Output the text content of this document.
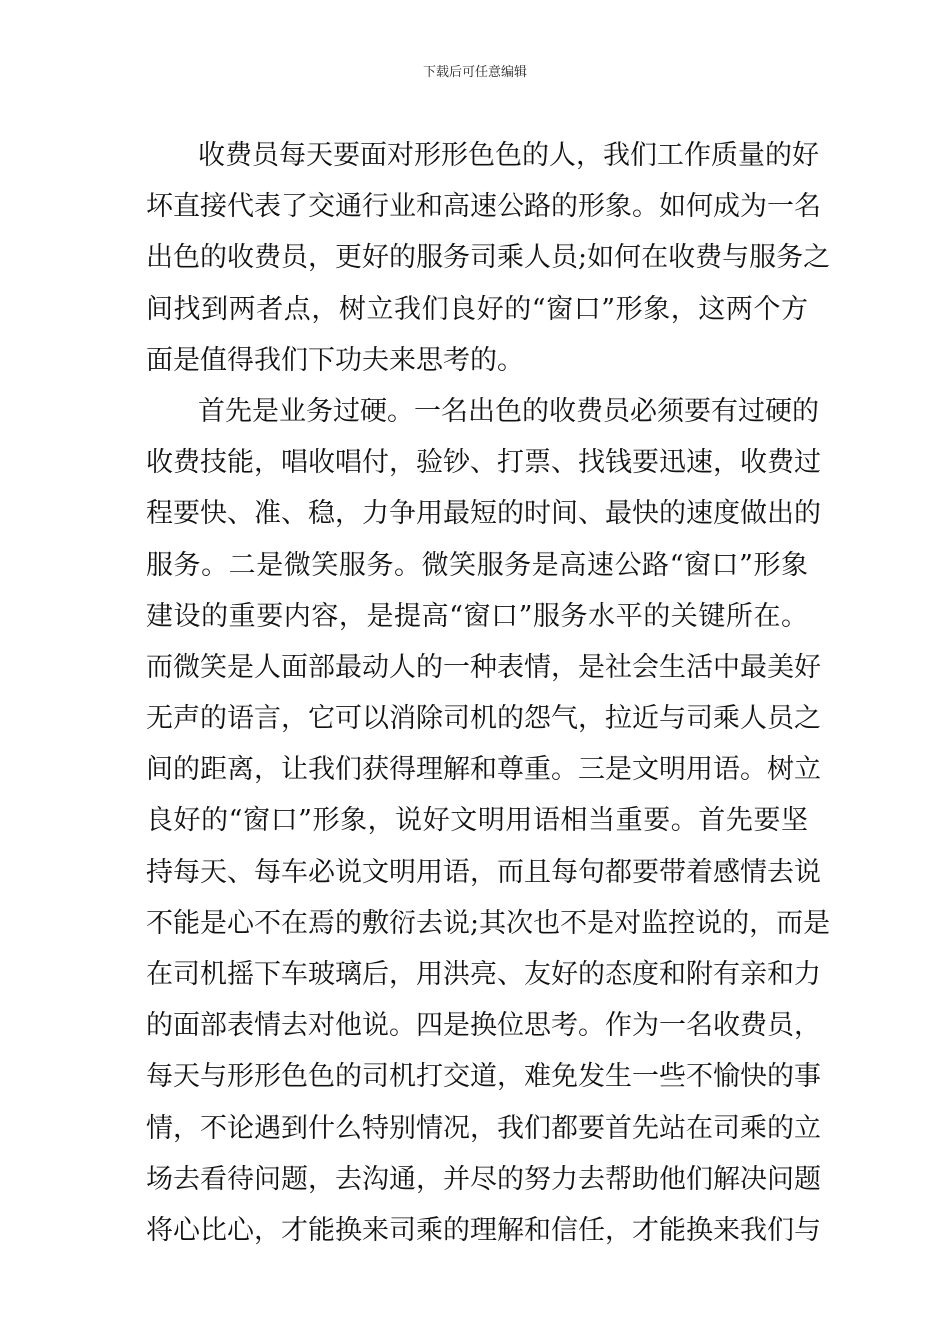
下载后可任意编辑
收费员每天要面对形形色色的人，我们工作质量的好
坏直接代表了交通行业和高速公路的形象。如何成为一名
出色的收费员，更好的服务司乘人员;如何在收费与服务之
间找到两者点，树立我们良好的“窗口”形象，这两个方
面是值得我们下功夫来思考的。
首先是业务过硬。一名出色的收费员必须要有过硬的
收费技能，唱收唱付，验钞、打票、找钱要迅速，收费过
程要快、准、稳，力争用最短的时间、最快的速度做出的
服务。二是微笑服务。微笑服务是高速公路“窗口”形象
建设的重要内容，是提高“窗口”服务水平的关键所在。
而微笑是人面部最动人的一种表情，是社会生活中最美好
无声的语言，它可以消除司机的怨气，拉近与司乘人员之
间的距离，让我们获得理解和尊重。三是文明用语。树立
良好的“窗口”形象，说好文明用语相当重要。首先要坚
持每天、每车必说文明用语，而且每句都要带着感情去说
不能是心不在焉的敷衍去说;其次也不是对监控说的，而是
在司机摇下车玻璃后，用洪亮、友好的态度和附有亲和力
的面部表情去对他说。四是换位思考。作为一名收费员，
每天与形形色色的司机打交道，难免发生一些不愉快的事
情，不论遇到什么特别情况，我们都要首先站在司乘的立
场去看待问题，去沟通，并尽的努力去帮助他们解决问题
将心比心，才能换来司乘的理解和信任，才能换来我们与
